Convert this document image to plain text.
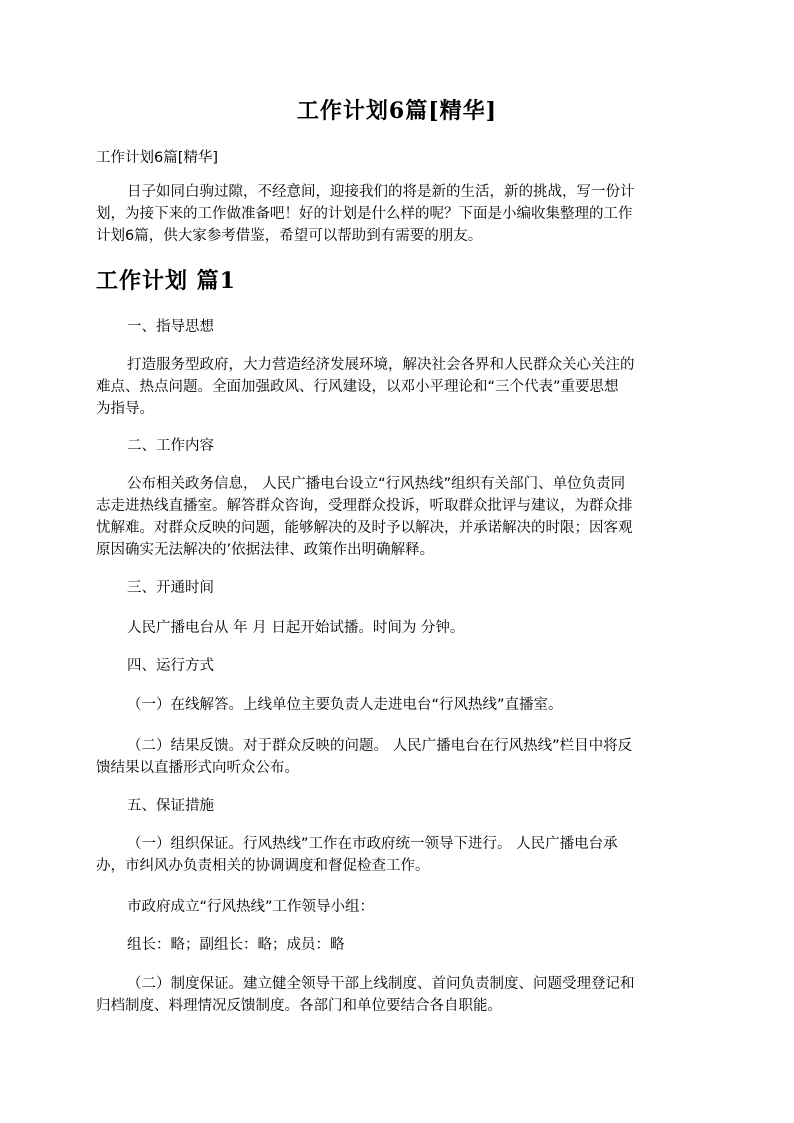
工作计划6篇[精华]
工作计划6篇[精华]
日子如同白驹过隙，不经意间，迎接我们的将是新的生活，新的挑战，写一份计
划，为接下来的工作做准备吧！好的计划是什么样的呢？下面是小编收集整理的工作
计划6篇，供大家参考借鉴，希望可以帮助到有需要的朋友。
工作计划 篇1
一、指导思想
打造服务型政府，大力营造经济发展环境，解决社会各界和人民群众关心关注的
难点、热点问题。全面加强政风、行风建设，以邓小平理论和“三个代表”重要思想
为指导。
二、工作内容
公布相关政务信息， 人民广播电台设立“行风热线”组织有关部门、单位负责同
志走进热线直播室。解答群众咨询，受理群众投诉，听取群众批评与建议，为群众排
忧解难。对群众反映的问题，能够解决的及时予以解决，并承诺解决的时限；因客观
原因确实无法解决的’依据法律、政策作出明确解释。
三、开通时间
人民广播电台从 年 月 日起开始试播。时间为 分钟。
四、运行方式
（一）在线解答。上线单位主要负责人走进电台“行风热线”直播室。
（二）结果反馈。对于群众反映的问题。 人民广播电台在行风热线”栏目中将反
馈结果以直播形式向听众公布。
五、保证措施
（一）组织保证。行风热线”工作在市政府统一领导下进行。 人民广播电台承
办，市纠风办负责相关的协调调度和督促检查工作。
市政府成立“行风热线”工作领导小组：
组长：略；副组长：略；成员：略
（二）制度保证。建立健全领导干部上线制度、首问负责制度、问题受理登记和
归档制度、料理情况反馈制度。各部门和单位要结合各自职能。
